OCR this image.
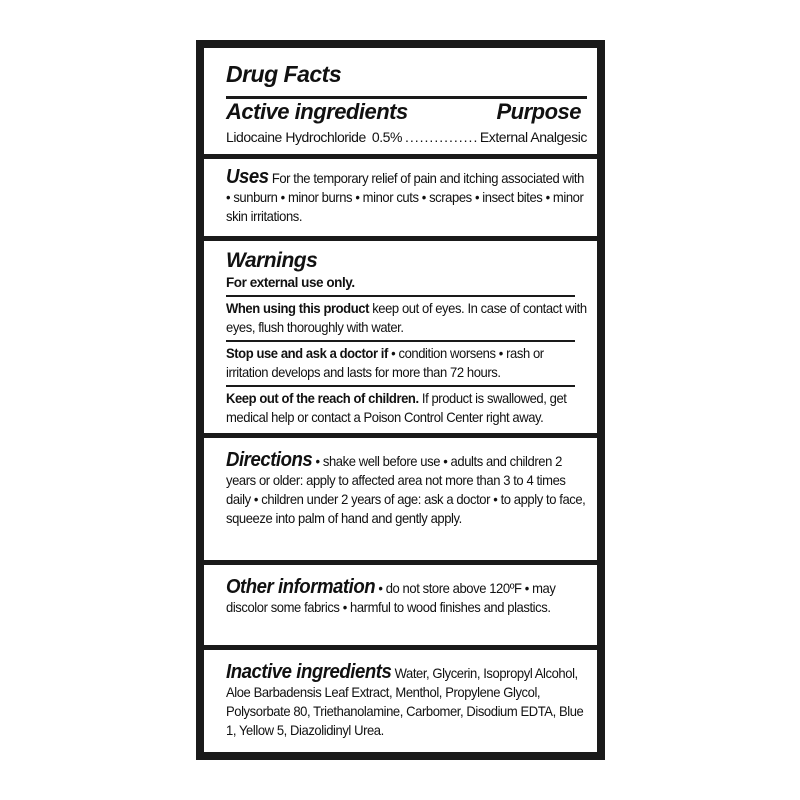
Drug Facts
Active ingredients	Purpose
Lidocaine Hydrochloride 0.5%
.....	External Analgesic
Uses For the temporary relief of pain and itching associated with • sunburn • minor burns • minor cuts • scrapes • insect bites • minor skin irritations.
Warnings
For external use only.
When using this product keep out of eyes. In case of contact with eyes, flush thoroughly with water.
Stop use and ask a doctor if • condition worsens • rash or irritation develops and lasts for more than 72 hours.
Keep out of the reach of children. If product is swallowed, get medical help or contact a Poison Control Center right away.
Directions • shake well before use • adults and children 2 years or older: apply to affected area not more than 3 to 4 times daily • children under 2 years of age: ask a doctor • to apply to face, squeeze into palm of hand and gently apply.
Other information • do not store above 120ºF • may discolor some fabrics • harmful to wood finishes and plastics.
Inactive ingredients Water, Glycerin, Isopropyl Alcohol, Aloe Barbadensis Leaf Extract, Menthol, Propylene Glycol, Polysorbate 80, Triethanolamine, Carbomer, Disodium EDTA, Blue 1, Yellow 5, Diazolidinyl Urea.
